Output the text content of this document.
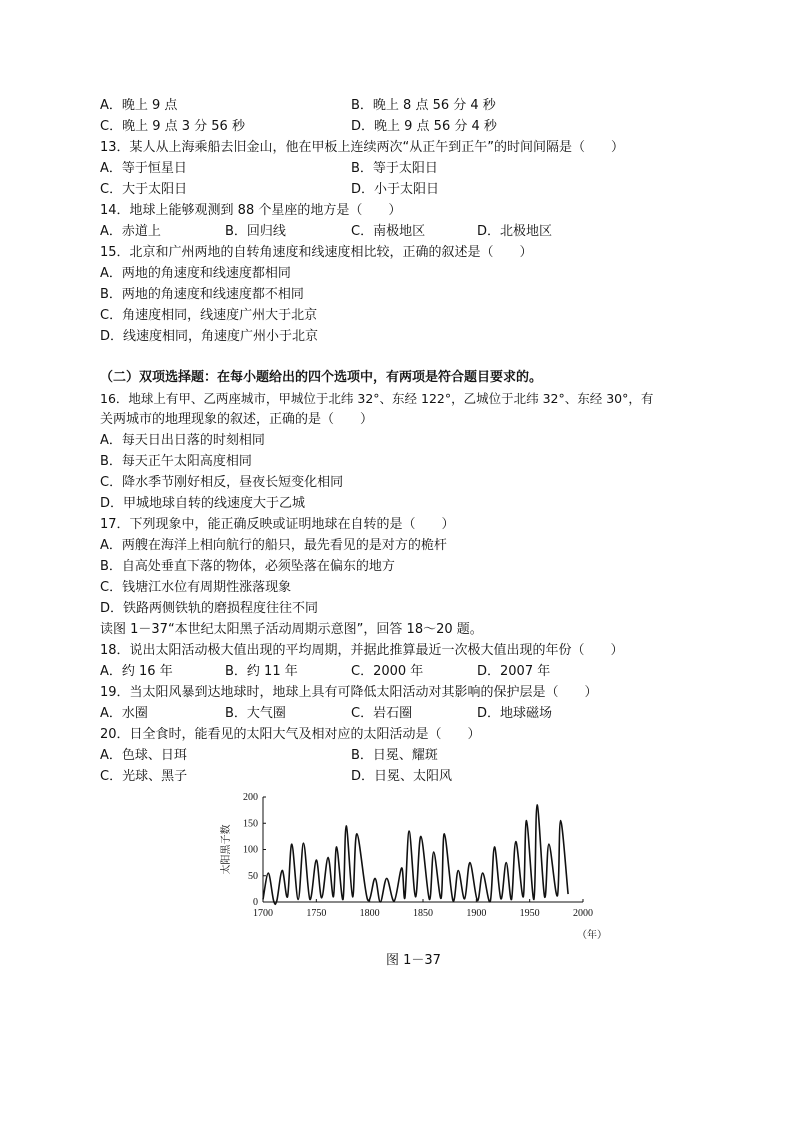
A．晚上 9 点	B．晚上 8 点 56 分 4 秒
C．晚上 9 点 3 分 56 秒	D．晚上 9 点 56 分 4 秒
13．某人从上海乘船去旧金山，他在甲板上连续两次“从正午到正午”的时间间隔是（　　）
A．等于恒星日	B．等于太阳日
C．大于太阳日	D．小于太阳日
14．地球上能够观测到 88 个星座的地方是（　　）
A．赤道上	B．回归线	C．南极地区	D．北极地区
15．北京和广州两地的自转角速度和线速度相比较，正确的叙述是（　　）
A．两地的角速度和线速度都相同
B．两地的角速度和线速度都不相同
C．角速度相同，线速度广州大于北京
D．线速度相同，角速度广州小于北京
（二）双项选择题：在每小题给出的四个选项中，有两项是符合题目要求的。
16．地球上有甲、乙两座城市，甲城位于北纬 32°、东经 122°，乙城位于北纬 32°、东经 30°，有
关两城市的地理现象的叙述，正确的是（　　）
A．每天日出日落的时刻相同
B．每天正午太阳高度相同
C．降水季节刚好相反，昼夜长短变化相同
D．甲城地球自转的线速度大于乙城
17．下列现象中，能正确反映或证明地球在自转的是（　　）
A．两艘在海洋上相向航行的船只，最先看见的是对方的桅杆
B．自高处垂直下落的物体，必须坠落在偏东的地方
C．钱塘江水位有周期性涨落现象
D．铁路两侧铁轨的磨损程度往往不同
读图 1－37“本世纪太阳黑子活动周期示意图”，回答 18～20 题。
18．说出太阳活动极大值出现的平均周期，并据此推算最近一次极大值出现的年份（　　）
A．约 16 年	B．约 11 年	C．2000 年	D．2007 年
19．当太阳风暴到达地球时，地球上具有可降低太阳活动对其影响的保护层是（　　）
A．水圈	B．大气圈	C．岩石圈	D．地球磁场
20．日全食时，能看见的太阳大气及相对应的太阳活动是（　　）
A．色球、日珥	B．日冕、耀斑
C．光球、黑子	D．日冕、太阳风
1700	1750	1800	1850	1900	1950	2000
0
50
100
150
200
太阳黑子数
（年）
图 1－37
